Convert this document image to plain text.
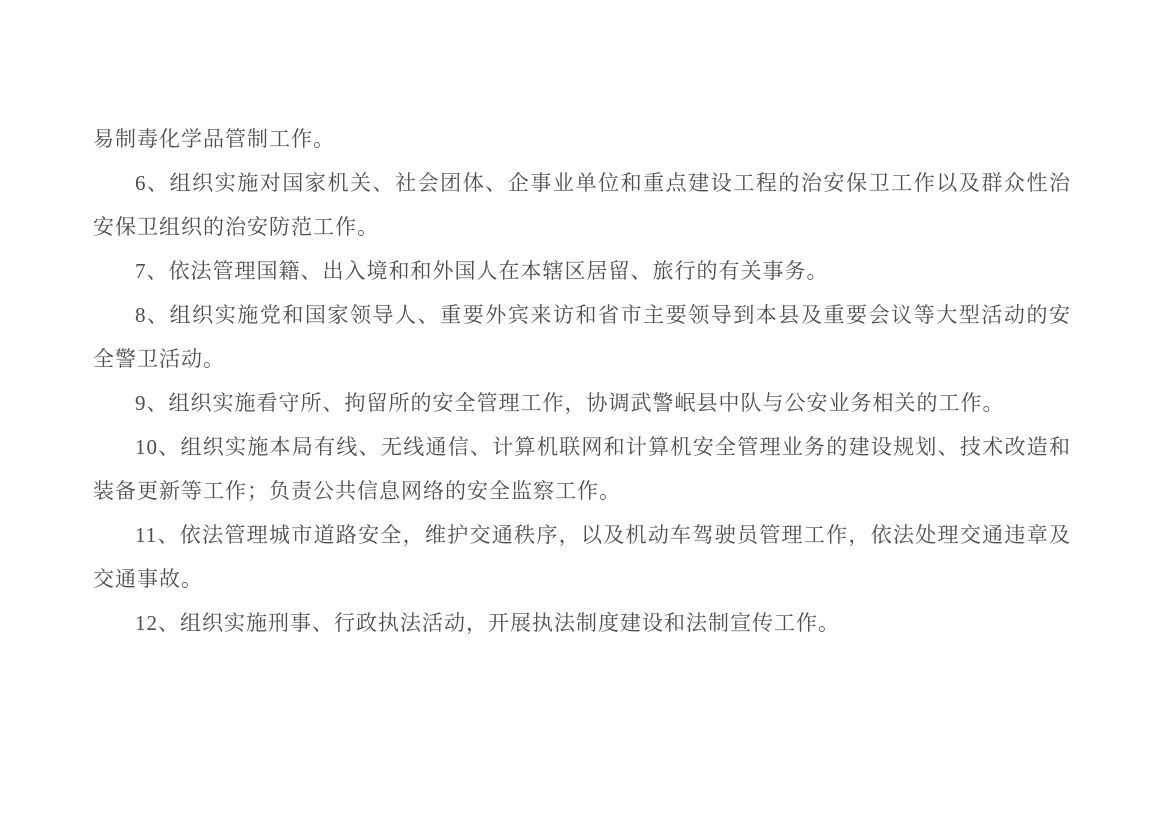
易制毒化学品管制工作。
6、组织实施对国家机关、社会团体、企事业单位和重点建设工程的治安保卫工作以及群众性治
安保卫组织的治安防范工作。
7、依法管理国籍、出入境和和外国人在本辖区居留、旅行的有关事务。
8、组织实施党和国家领导人、重要外宾来访和省市主要领导到本县及重要会议等大型活动的安
全警卫活动。
9、组织实施看守所、拘留所的安全管理工作，协调武警岷县中队与公安业务相关的工作。
10、组织实施本局有线、无线通信、计算机联网和计算机安全管理业务的建设规划、技术改造和
装备更新等工作；负责公共信息网络的安全监察工作。
11、依法管理城市道路安全，维护交通秩序，以及机动车驾驶员管理工作，依法处理交通违章及
交通事故。
12、组织实施刑事、行政执法活动，开展执法制度建设和法制宣传工作。
